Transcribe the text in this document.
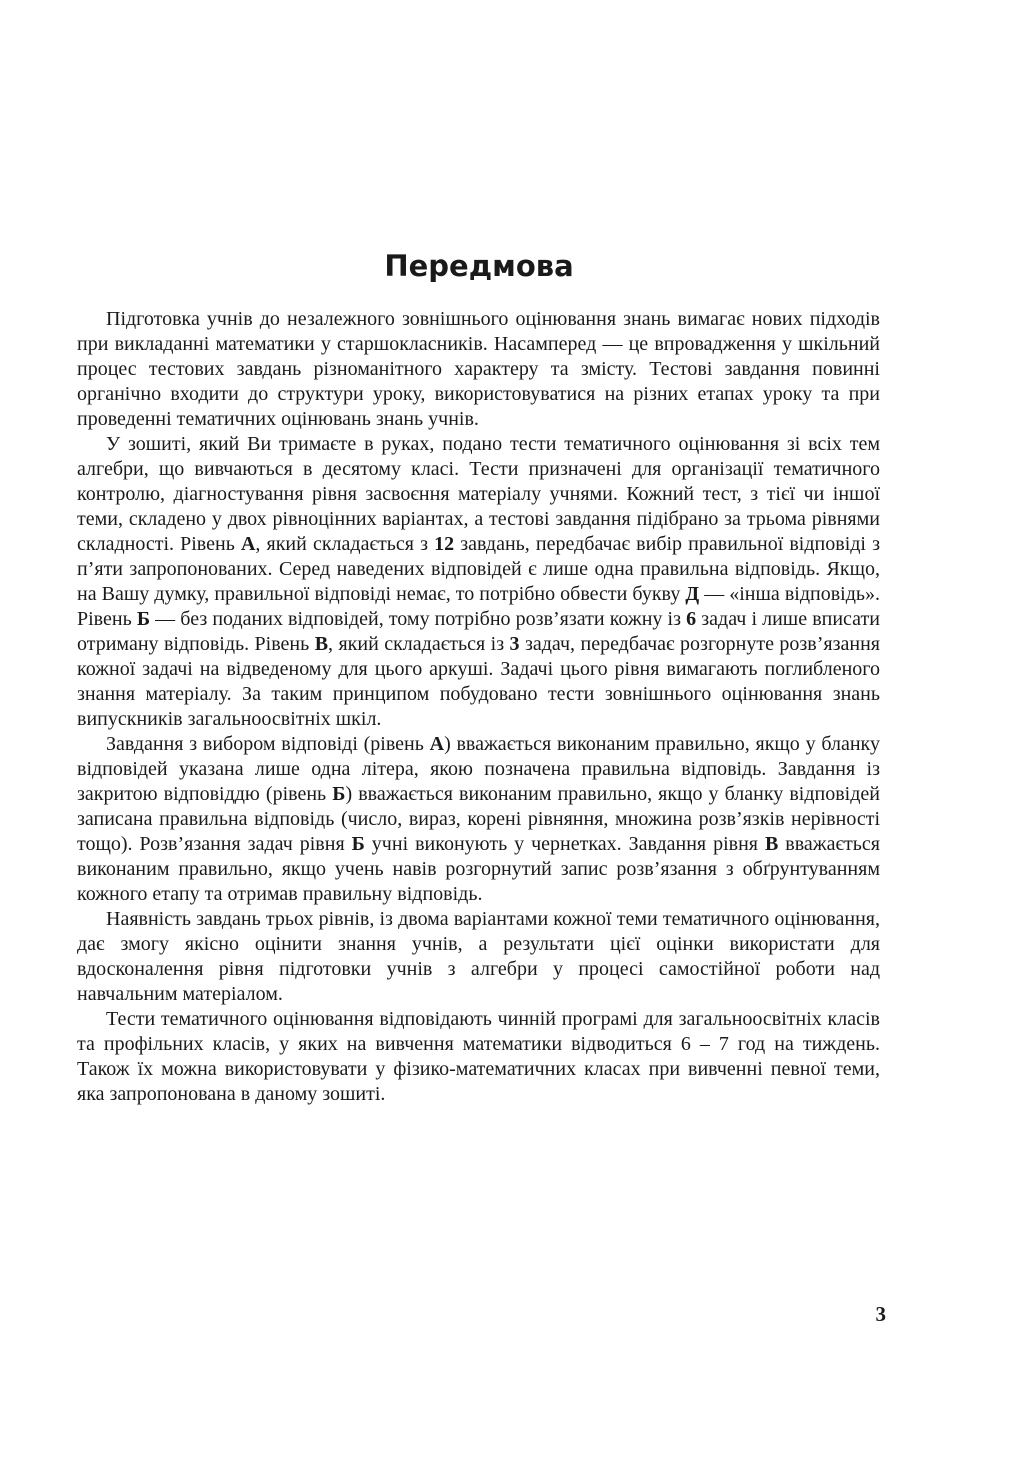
Передмова

Підготовка учнів до незалежного зовнішнього оцінювання знань вимагає нових підходів при викладанні математики у старшокласників. Насамперед — це впровадження у шкільний процес тестових завдань різноманітного характеру та змісту. Тестові завдання повинні органічно входити до структури уроку, використовуватися на різних етапах уроку та при проведенні тематичних оцінювань знань учнів.

У зошиті, який Ви тримаєте в руках, подано тести тематичного оцінювання зі всіх тем алгебри, що вивчаються в десятому класі. Тести призначені для організації тематичного контролю, діагностування рівня засвоєння матеріалу учнями. Кожний тест, з тієї чи іншої теми, складено у двох рівноцінних варіантах, а тестові завдання підібрано за трьома рівнями складності. Рівень А, який складається з 12 завдань, передбачає вибір правильної відповіді з п’яти запропонованих. Серед наведених відповідей є лише одна правильна відповідь. Якщо, на Вашу думку, правильної відповіді немає, то потрібно обвести букву Д — «інша відповідь». Рівень Б — без поданих відповідей, тому потрібно розв’язати кожну із 6 задач і лише вписати отриману відповідь. Рівень В, який складається із 3 задач, передбачає розгорнуте розв’язання кожної задачі на відведеному для цього аркуші. Задачі цього рівня вимагають поглибленого знання матеріалу. За таким принципом побудовано тести зовнішнього оцінювання знань випускників загальноосвітніх шкіл.

Завдання з вибором відповіді (рівень А) вважається виконаним правильно, якщо у бланку відповідей указана лише одна літера, якою позначена правильна відповідь. Завдання із закритою відповіддю (рівень Б) вважається виконаним правильно, якщо у бланку відповідей записана правильна відповідь (число, вираз, корені рівняння, множина розв’язків нерівності тощо). Розв’язання задач рівня Б учні виконують у чернетках. Завдання рівня В вважається виконаним правильно, якщо учень навів розгорнутий запис розв’язання з обґрунтуванням кожного етапу та отримав правильну відповідь.

Наявність завдань трьох рівнів, із двома варіантами кожної теми тематичного оцінювання, дає змогу якісно оцінити знання учнів, а результати цієї оцінки використати для вдосконалення рівня підготовки учнів з алгебри у процесі самостійної роботи над навчальним матеріалом.

Тести тематичного оцінювання відповідають чинній програмі для загальноосвітніх класів та профільних класів, у яких на вивчення математики відводиться 6 – 7 год на тиждень. Також їх можна використовувати у фізико-математичних класах при вивченні певної теми, яка запропонована в даному зошиті.

3
